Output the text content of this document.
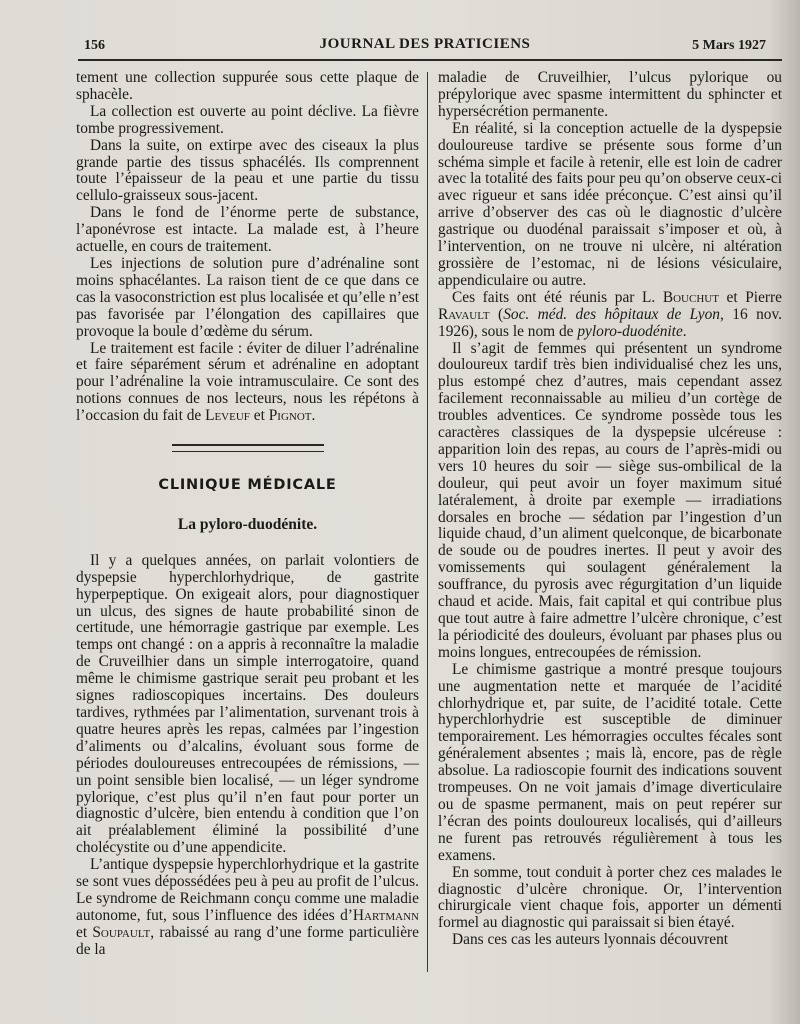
156	JOURNAL DES PRATICIENS	5 Mars 1927

tement une collection suppurée sous cette plaque de sphacèle.

La collection est ouverte au point déclive. La fièvre tombe progressivement.

Dans la suite, on extirpe avec des ciseaux la plus grande partie des tissus sphacélés. Ils comprennent toute l’épaisseur de la peau et une partie du tissu cellulo-graisseux sous-jacent.

Dans le fond de l’énorme perte de substance, l’aponévrose est intacte. La malade est, à l’heure actuelle, en cours de traitement.

Les injections de solution pure d’adrénaline sont moins sphacélantes. La raison tient de ce que dans ce cas la vasoconstriction est plus localisée et qu’elle n’est pas favorisée par l’élongation des capillaires que provoque la boule d’œdème du sérum.

Le traitement est facile : éviter de diluer l’adrénaline et faire séparément sérum et adrénaline en adoptant pour l’adrénaline la voie intramusculaire. Ce sont des notions connues de nos lecteurs, nous les répétons à l’occasion du fait de Leveuf et Pignot.

CLINIQUE MÉDICALE
La pyloro-duodénite.

Il y a quelques années, on parlait volontiers de dyspepsie hyperchlorhydrique, de gastrite hyperpeptique. On exigeait alors, pour diagnostiquer un ulcus, des signes de haute probabilité sinon de certitude, une hémorragie gastrique par exemple. Les temps ont changé : on a appris à reconnaître la maladie de Cruveilhier dans un simple interrogatoire, quand même le chimisme gastrique serait peu probant et les signes radioscopiques incertains. Des douleurs tardives, rythmées par l’alimentation, survenant trois à quatre heures après les repas, calmées par l’ingestion d’aliments ou d’alcalins, évoluant sous forme de périodes douloureuses entrecoupées de rémissions, — un point sensible bien localisé, — un léger syndrome pylorique, c’est plus qu’il n’en faut pour porter un diagnostic d’ulcère, bien entendu à condition que l’on ait préalablement éliminé la possibilité d’une cholécystite ou d’une appendicite.

L’antique dyspepsie hyperchlorhydrique et la gastrite se sont vues dépossédées peu à peu au profit de l’ulcus. Le syndrome de Reichmann conçu comme une maladie autonome, fut, sous l’influence des idées d’Hartmann et Soupault, rabaissé au rang d’une forme particulière de la

maladie de Cruveilhier, l’ulcus pylorique ou prépylorique avec spasme intermittent du sphincter et hypersécrétion permanente.

En réalité, si la conception actuelle de la dyspepsie douloureuse tardive se présente sous forme d’un schéma simple et facile à retenir, elle est loin de cadrer avec la totalité des faits pour peu qu’on observe ceux-ci avec rigueur et sans idée préconçue. C’est ainsi qu’il arrive d’observer des cas où le diagnostic d’ulcère gastrique ou duodénal paraissait s’imposer et où, à l’intervention, on ne trouve ni ulcère, ni altération grossière de l’estomac, ni de lésions vésiculaire, appendiculaire ou autre.

Ces faits ont été réunis par L. Bouchut et Pierre Ravault (Soc. méd. des hôpitaux de Lyon, 16 nov. 1926), sous le nom de pyloro-duodénite.

Il s’agit de femmes qui présentent un syndrome douloureux tardif très bien individualisé chez les uns, plus estompé chez d’autres, mais cependant assez facilement reconnaissable au milieu d’un cortège de troubles adventices. Ce syndrome possède tous les caractères classiques de la dyspepsie ulcéreuse : apparition loin des repas, au cours de l’après-midi ou vers 10 heures du soir — siège sus-ombilical de la douleur, qui peut avoir un foyer maximum situé latéralement, à droite par exemple — irradiations dorsales en broche — sédation par l’ingestion d’un liquide chaud, d’un aliment quelconque, de bicarbonate de soude ou de poudres inertes. Il peut y avoir des vomissements qui soulagent généralement la souffrance, du pyrosis avec régurgitation d’un liquide chaud et acide. Mais, fait capital et qui contribue plus que tout autre à faire admettre l’ulcère chronique, c’est la périodicité des douleurs, évoluant par phases plus ou moins longues, entrecoupées de rémission.

Le chimisme gastrique a montré presque toujours une augmentation nette et marquée de l’acidité chlorhydrique et, par suite, de l’acidité totale. Cette hyperchlorhydrie est susceptible de diminuer temporairement. Les hémorragies occultes fécales sont généralement absentes ; mais là, encore, pas de règle absolue. La radioscopie fournit des indications souvent trompeuses. On ne voit jamais d’image diverticulaire ou de spasme permanent, mais on peut repérer sur l’écran des points douloureux localisés, qui d’ailleurs ne furent pas retrouvés régulièrement à tous les examens.

En somme, tout conduit à porter chez ces malades le diagnostic d’ulcère chronique. Or, l’intervention chirurgicale vient chaque fois, apporter un démenti formel au diagnostic qui paraissait si bien étayé.

Dans ces cas les auteurs lyonnais découvrent
